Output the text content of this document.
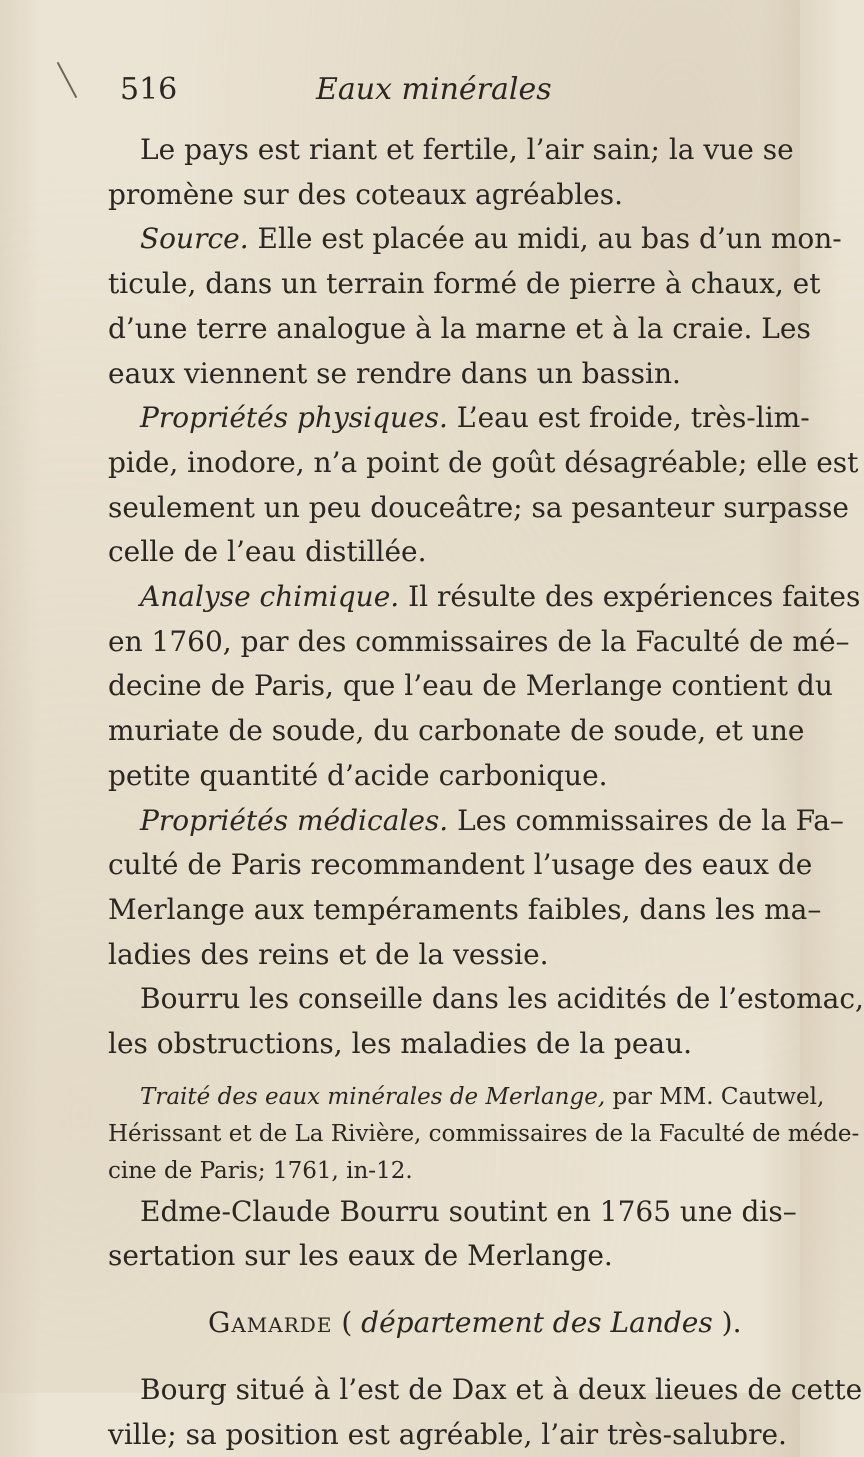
516	Eaux minérales
Le pays est riant et fertile, l’air sain; la vue se
promène sur des coteaux agréables.
Source. Elle est placée au midi, au bas d’un mon-
ticule, dans un terrain formé de pierre à chaux, et
d’une terre analogue à la marne et à la craie. Les
eaux viennent se rendre dans un bassin.
Propriétés physiques. L’eau est froide, très-lim-
pide, inodore, n’a point de goût désagréable; elle est
seulement un peu douceâtre; sa pesanteur surpasse
celle de l’eau distillée.
Analyse chimique. Il résulte des expériences faites
en 1760, par des commissaires de la Faculté de mé–
decine de Paris, que l’eau de Merlange contient du
muriate de soude, du carbonate de soude, et une
petite quantité d’acide carbonique.
Propriétés médicales. Les commissaires de la Fa–
culté de Paris recommandent l’usage des eaux de
Merlange aux tempéraments faibles, dans les ma–
ladies des reins et de la vessie.
Bourru les conseille dans les acidités de l’estomac,
les obstructions, les maladies de la peau.
Traité des eaux minérales de Merlange, par MM. Cautwel,
Hérissant et de La Rivière, commissaires de la Faculté de méde-
cine de Paris; 1761, in-12.
Edme-Claude Bourru soutint en 1765 une dis–
sertation sur les eaux de Merlange.
Gamarde ( département des Landes ).
Bourg situé à l’est de Dax et à deux lieues de cette
ville; sa position est agréable, l’air très-salubre.
